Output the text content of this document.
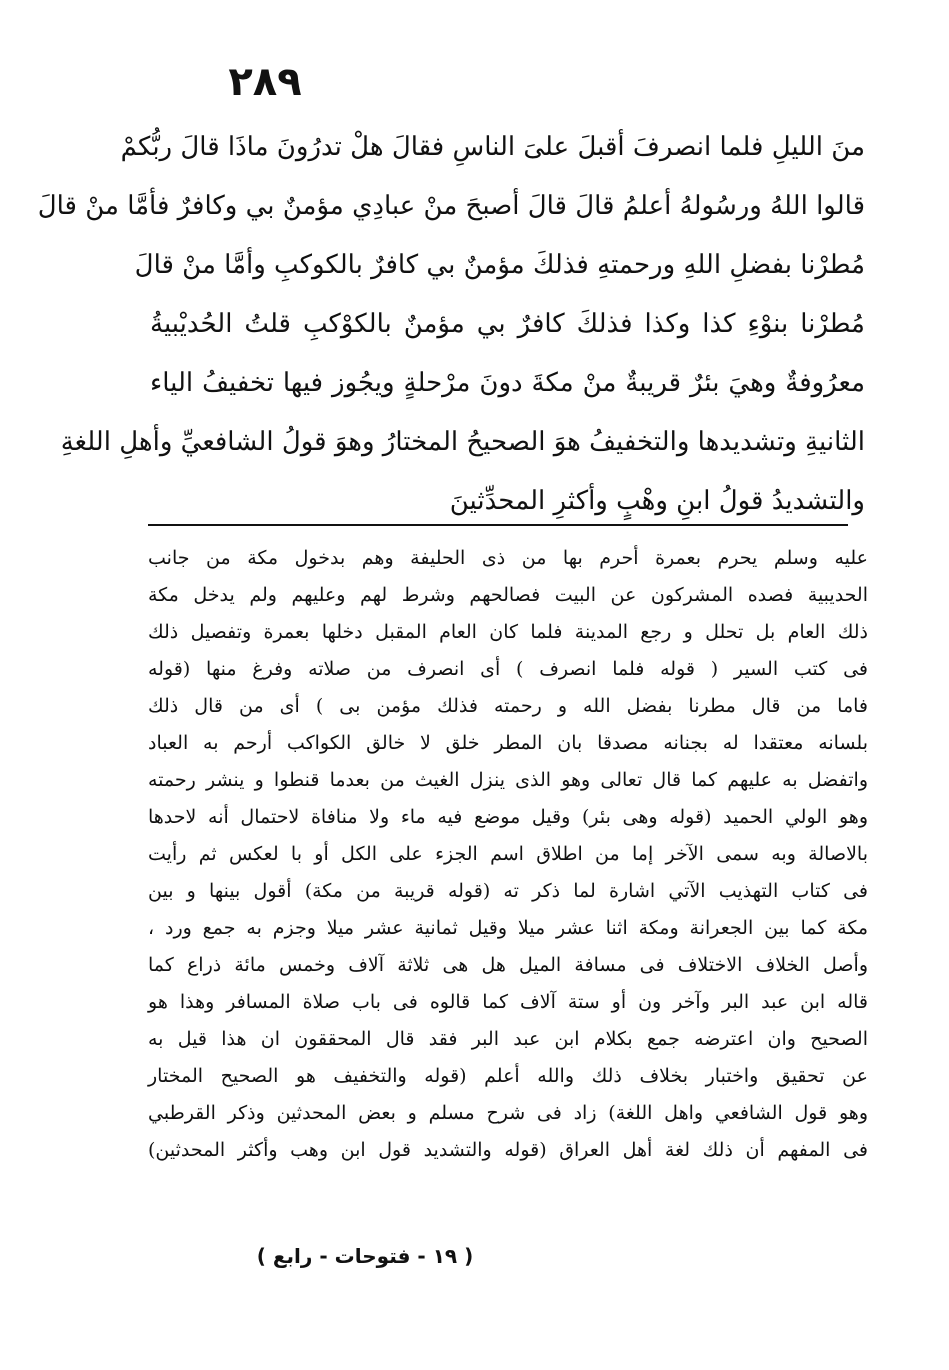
٢٨٩
منَ الليلِ فلما انصرفَ أقبلَ علىَ الناسِ فقالَ هلْ تدرُونَ ماذَا قالَ ربُّكمْ
قالوا اللهُ ورسُولهُ أعلمُ قالَ قالَ أصبحَ منْ عبادِي مؤمنٌ بي وكافرٌ فأمَّا منْ قالَ
مُطرْنا بفضلِ اللهِ ورحمتهِ فذلكَ مؤمنٌ بي كافرٌ بالكوكبِ وأمَّا منْ قالَ
مُطرْنا بنوْءِ كذا وكذا فذلكَ كافرٌ بي مؤمنٌ بالكوْكبِ قلتُ الحُديْبيةُ
معرُوفةٌ وهيَ بئرٌ قريبةٌ منْ مكةَ دونَ مرْحلةٍ ويجُوز فيها تخفيفُ الياء
الثانيةِ وتشديدها والتخفيفُ هوَ الصحيحُ المختارُ وهوَ قولُ الشافعيِّ وأهلِ اللغةِ
والتشديدُ قولُ ابنِ وهْبٍ وأكثرِ المحدِّثينَ
عليه وسلم يحرم بعمرة أحرم بها من ذى الحليفة وهم بدخول مكة من جانب
الحديبية فصده المشركون عن البيت فصالحهم وشرط لهم وعليهم ولم يدخل مكة
ذلك العام بل تحلل و رجع المدينة فلما كان العام المقبل دخلها بعمرة وتفصيل ذلك
فى كتب السير ( قوله فلما انصرف ) أى انصرف من صلاته وفرغ منها (قوله
فاما من قال مطرنا بفضل الله و رحمته فذلك مؤمن بى ) أى من قال ذلك
بلسانه معتقدا له بجنانه مصدقا بان المطر خلق لا خالق الكواكب أرحم به العباد
واتفضل به عليهم كما قال تعالى وهو الذى ينزل الغيث من بعدما قنطوا و ينشر رحمته
وهو الولي الحميد (قوله وهى بئر) وقيل موضع فيه ماء ولا منافاة لاحتمال أنه لاحدها
بالاصالة وبه سمى الآخر إما من اطلاق اسم الجزء على الكل أو با لعكس ثم رأيت
فى كتاب التهذيب الآتي اشارة لما ذكر ته (قوله قريبة من مكة) أقول بينها و بين
مكة كما بين الجعرانة ومكة اثنا عشر ميلا وقيل ثمانية عشر ميلا وجزم به جمع ورد ،
وأصل الخلاف الاختلاف فى مسافة الميل هل هى ثلاثة آلاف وخمس مائة ذراع كما
قاله ابن عبد البر وآخر ون أو ستة آلاف كما قالوه فى باب صلاة المسافر وهذا هو
الصحيح وان اعترضه جمع بكلام ابن عبد البر فقد قال المحققون ان هذا قيل به
عن تحقيق واختبار بخلاف ذلك والله أعلم (قوله والتخفيف هو الصحيح المختار
وهو قول الشافعي واهل اللغة) زاد فى شرح مسلم و بعض المحدثين وذكر القرطبي
فى المفهم أن ذلك لغة أهل العراق (قوله والتشديد قول ابن وهب وأكثر المحدثين)
( ١٩ - فتوحات - رابع )
